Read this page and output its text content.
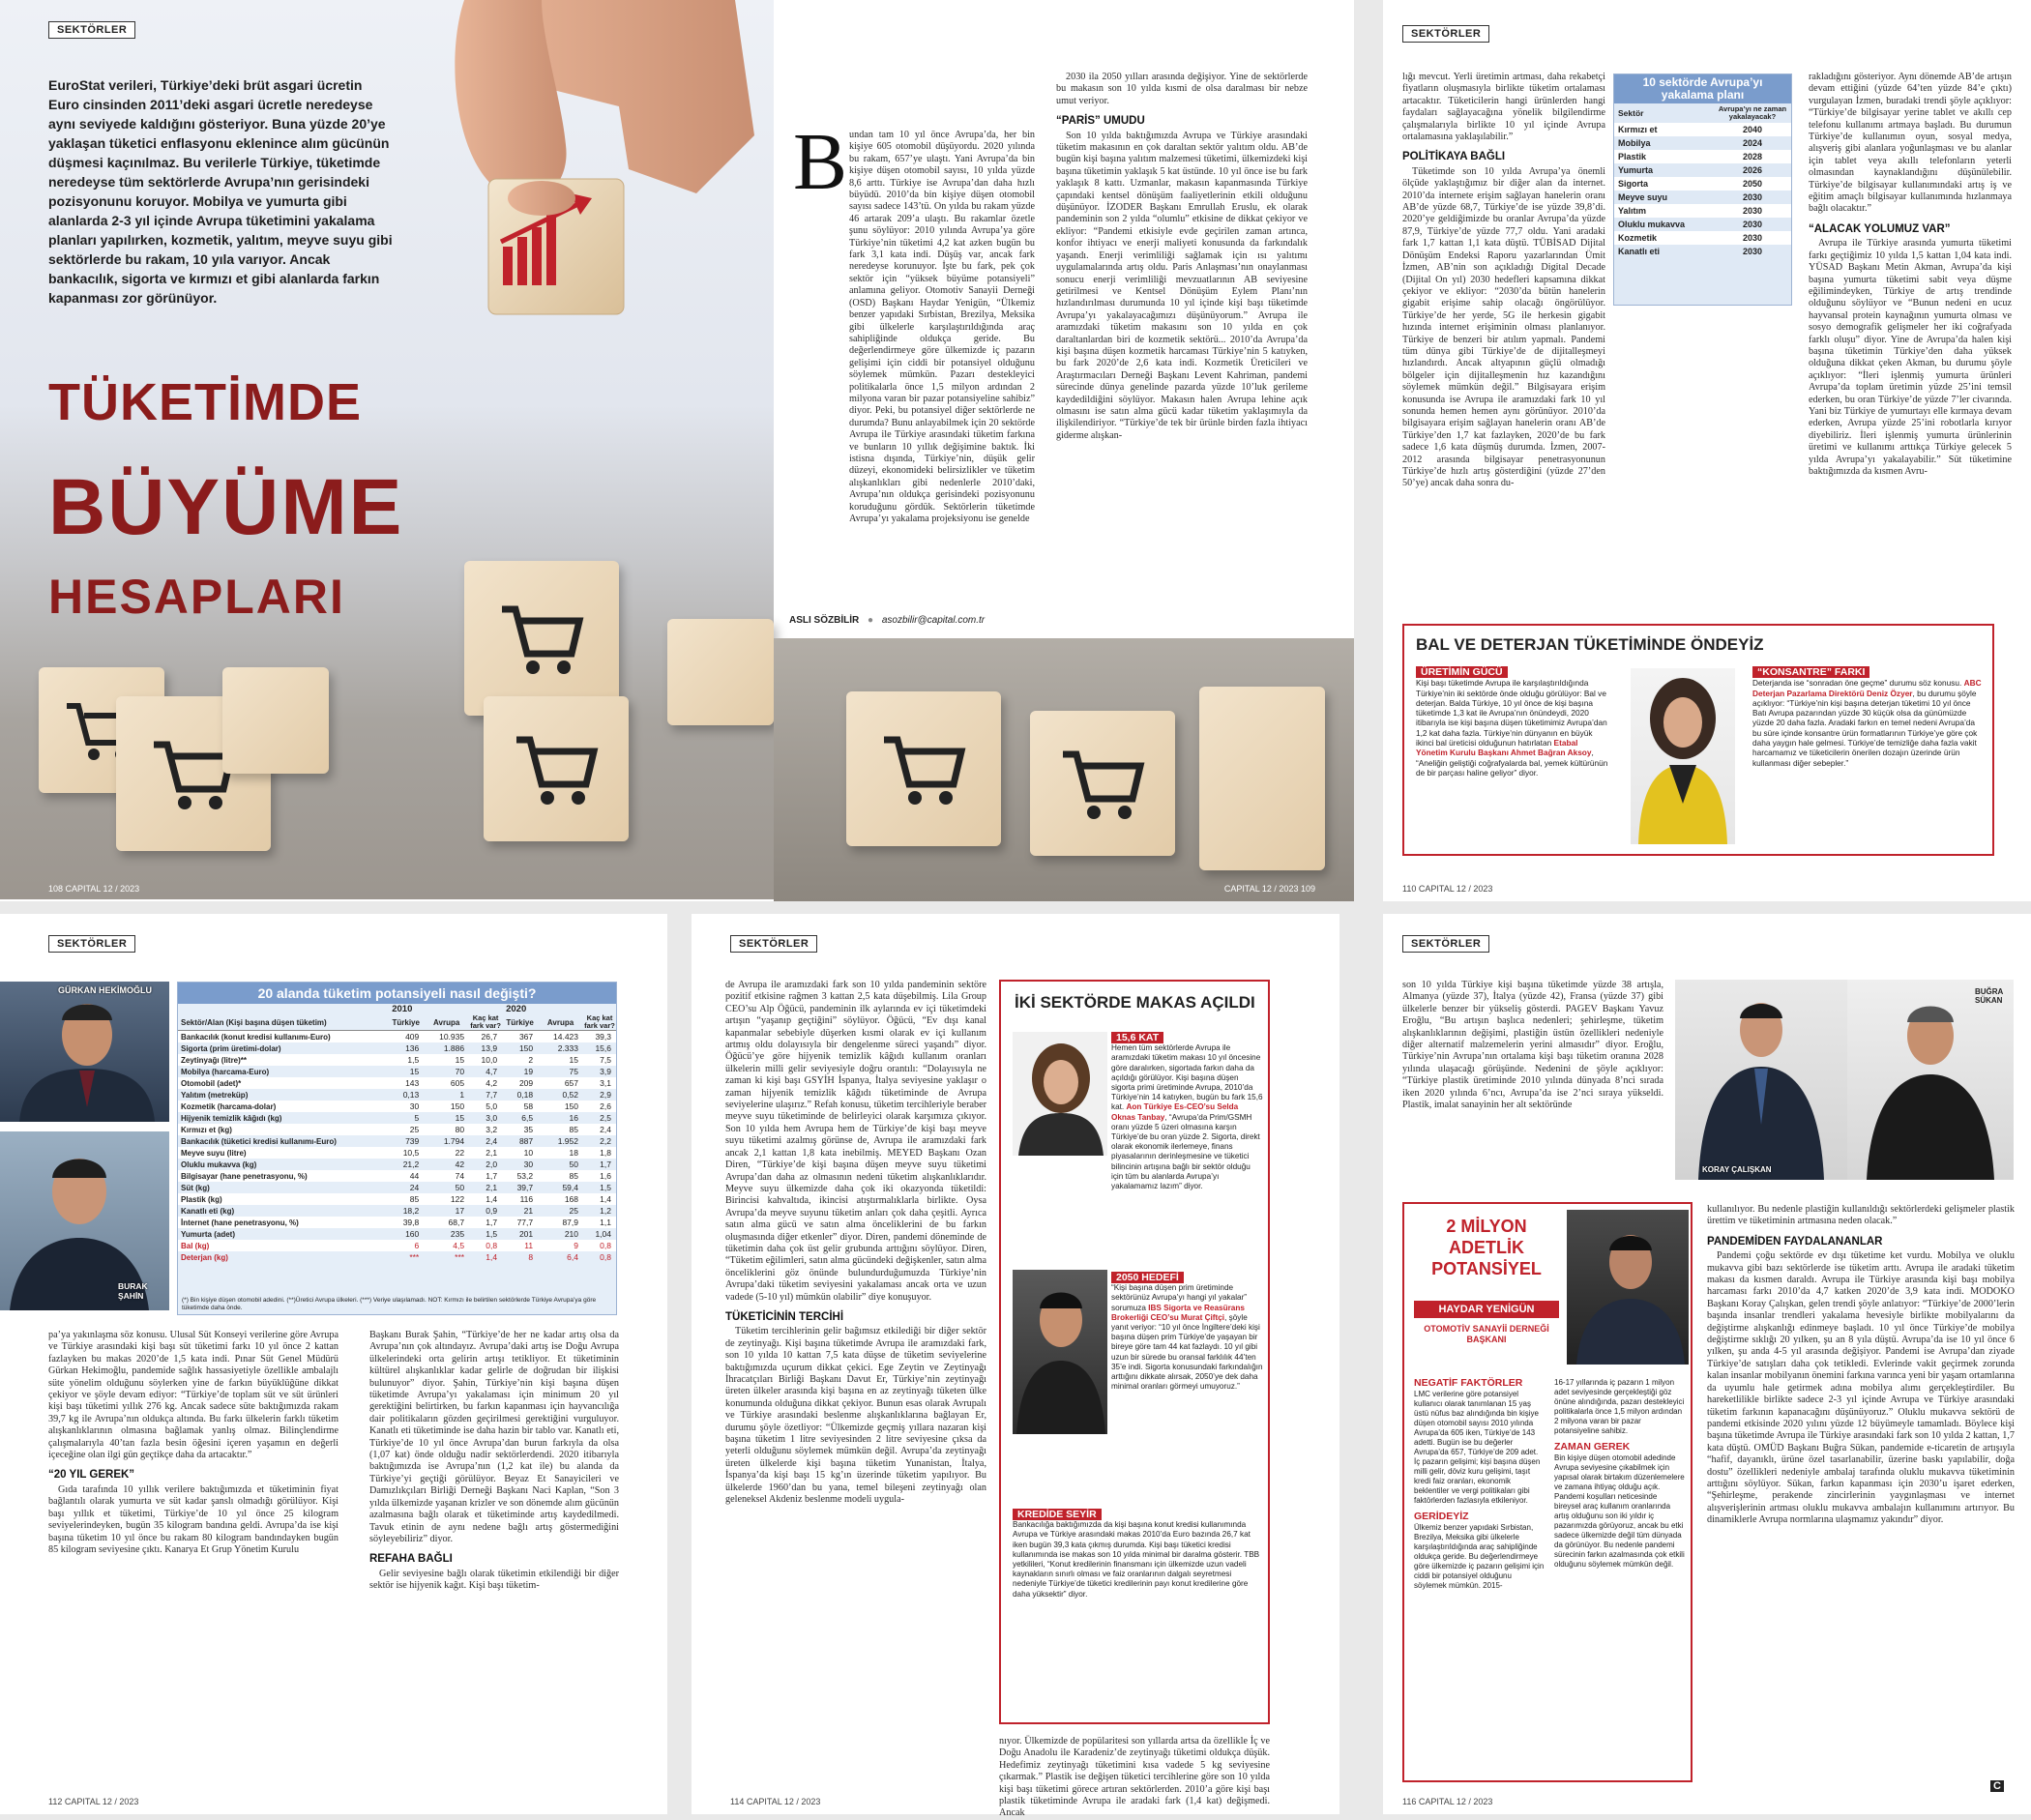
SEKTÖRLER
EuroStat verileri, Türkiye’deki brüt asgari ücretin Euro cinsinden 2011’deki asgari ücretle neredeyse aynı seviyede kaldığını gösteriyor. Buna yüzde 20’ye yaklaşan tüketici enflasyonu eklenince alım gücünün düşmesi kaçınılmaz. Bu verilerle Türkiye, tüketimde neredeyse tüm sektörlerde Avrupa’nın gerisindeki pozisyonunu koruyor. Mobilya ve yumurta gibi alanlarda 2-3 yıl içinde Avrupa tüketimini yakalama planları yapılırken, kozmetik, yalıtım, meyve suyu gibi sektörlerde bu rakam, 10 yıla varıyor. Ancak bankacılık, sigorta ve kırmızı et gibi alanlarda farkın kapanması zor görünüyor.
TÜKETİMDE
BÜYÜME
HESAPLARI
B undan tam 10 yıl önce Avrupa’da, her bin kişiye 605 otomobil düşüyordu. 2020 yılında bu rakam, 657’ye ulaştı. Yani Avrupa’da bin kişiye düşen otomobil sayısı, 10 yılda yüzde 8,6 arttı. Türkiye ise Avrupa’dan daha hızlı büyüdü. 2010’da bin kişiye düşen otomobil sayısı sadece 143’tü. On yılda bu rakam yüzde 46 artarak 209’a ulaştı. Bu rakamlar özetle şunu söylüyor: 2010 yılında Avrupa’ya göre Türkiye’nin tüketimi 4,2 kat azken bugün bu fark 3,1 kata indi. Düşüş var, ancak fark neredeyse korunuyor. İşte bu fark, pek çok sektör için “yüksek büyüme potansiyeli” anlamına geliyor. Otomotiv Sanayii Derneği (OSD) Başkanı Haydar Yenigün, “Ülkemiz benzer yapıdaki Sırbistan, Brezilya, Meksika gibi ülkelerle karşılaştırıldığında araç sahipliğinde oldukça geride. Bu değerlendirmeye göre ülkemizde iç pazarın gelişimi için ciddi bir potansiyel olduğunu söylemek mümkün. Pazarı destekleyici politikalarla önce 1,5 milyon ardından 2 milyona varan bir pazar potansiyeline sahibiz” diyor. Peki, bu potansiyel diğer sektörlerde ne durumda? Bunu anlayabilmek için 20 sektörde Avrupa ile Türkiye arasındaki tüketim farkına ve bunların 10 yıllık değişimine baktık. İki istisna dışında, Türkiye’nin, düşük gelir düzeyi, ekonomideki belirsizlikler ve tüketim alışkanlıkları gibi nedenlerle 2010’daki, Avrupa’nın oldukça gerisindeki pozisyonunu koruduğunu gördük. Sektörlerin tüketimde Avrupa’yı yakalama projeksiyonu ise genelde

2030 ila 2050 yılları arasında değişiyor. Yine de sektörlerde bu makasın son 10 yılda kısmi de olsa daralması bir nebze umut veriyor.

“PARİS” UMUDU

Son 10 yılda baktığımızda Avrupa ve Türkiye arasındaki tüketim makasının en çok daraltan sektör yalıtım oldu. AB’de bugün kişi başına yalıtım malzemesi tüketimi, ülkemizdeki kişi başına tüketimin yaklaşık 5 kat üstünde. 10 yıl önce ise bu fark yaklaşık 8 kattı. Uzmanlar, makasın kapanmasında Türkiye çapındaki kentsel dönüşüm faaliyetlerinin etkili olduğunu düşünüyor. İZODER Başkanı Emrullah Eruslu, ek olarak pandeminin son 2 yılda “olumlu” etkisine de dikkat çekiyor ve ekliyor: “Pandemi etkisiyle evde geçirilen zaman artınca, konfor ihtiyacı ve enerji maliyeti konusunda da farkındalık yaşandı. Enerji verimliliği sağlamak için ısı yalıtımı uygulamalarında artış oldu. Paris Anlaşması’nın onaylanması sonucu enerji verimliliği mevzuatlarının AB seviyesine getirilmesi ve Kentsel Dönüşüm Eylem Planı’nın hızlandırılması durumunda 10 yıl içinde kişi başı tüketimde Avrupa’yı yakalayacağımızı düşünüyorum.” Avrupa ile aramızdaki tüketim makasını son 10 yılda en çok daraltanlardan biri de kozmetik sektörü... 2010’da Avrupa’da kişi başına düşen kozmetik harcaması Türkiye’nin 5 katıyken, bu fark 2020’de 2,6 kata indi. Kozmetik Üreticileri ve Araştırmacıları Derneği Başkanı Levent Kahriman, pandemi sürecinde dünya genelinde pazarda yüzde 10’luk gerileme kaydedildiğini söylüyor. Makasın halen Avrupa lehine açık olmasını ise satın alma gücü kadar tüketim yaklaşımıyla da ilişkilendiriyor. “Türkiye’de tek bir ürünle birden fazla ihtiyacı giderme alışkan-

ASLI SÖZBİLİR ● asozbilir@capital.com.tr
108 CAPITAL 12 / 2023	CAPITAL 12 / 2023 109
SEKTÖRLER

lığı mevcut. Yerli üretimin artması, daha rekabetçi fiyatların oluşmasıyla birlikte tüketim ortalaması artacaktır. Tüketicilerin hangi ürünlerden hangi faydaları sağlayacağına yönelik bilgilendirme çalışmalarıyla birlikte 10 yıl içinde Avrupa ortalamasına yaklaşılabilir.”

POLİTİKAYA BAĞLI

Tüketimde son 10 yılda Avrupa’ya önemli ölçüde yaklaştığımız bir diğer alan da internet. 2010’da internete erişim sağlayan hanelerin oranı AB’de yüzde 68,7, Türkiye’de ise yüzde 39,8’di. 2020’ye geldiğimizde bu oranlar Avrupa’da yüzde 87,9, Türkiye’de yüzde 77,7 oldu. Yani aradaki fark 1,7 kattan 1,1 kata düştü. TÜBİSAD Dijital Dönüşüm Endeksi Raporu yazarlarından Ümit İzmen, AB’nin son açıkladığı Digital Decade (Dijital On yıl) 2030 hedefleri kapsamına dikkat çekiyor ve ekliyor: “2030’da bütün hanelerin gigabit erişime sahip olacağı öngörülüyor. Türkiye’de her yerde, 5G ile herkesin gigabit hızında internet erişiminin olması planlanıyor. Türkiye de benzeri bir atılım yapmalı. Pandemi tüm dünya gibi Türkiye’de de dijitalleşmeyi hızlandırdı. Ancak altyapının güçlü olmadığı bölgeler için dijitalleşmenin hız kazandığını söylemek mümkün değil.” Bilgisayara erişim konusunda ise Avrupa ile aramızdaki fark 10 yıl sonunda hemen hemen aynı görünüyor. 2010’da bilgisayara erişim sağlayan hanelerin oranı AB’de Türkiye’den 1,7 kat fazlayken, 2020’de bu fark sadece 1,6 kata düşmüş durumda. İzmen, 2007-2012 arasında bilgisayar penetrasyonunun Türkiye’de hızlı artış gösterdiğini (yüzde 27’den 50’ye) ancak daha sonra du-

10 sektörde Avrupa’yı yakalama planı
Sektör	Avrupa’yı ne zaman yakalayacak?
Kırmızı et	2040
Mobilya	2024
Plastik	2028
Yumurta	2026
Sigorta	2050
Meyve suyu	2030
Yalıtım	2030
Oluklu mukavva	2030
Kozmetik	2030
Kanatlı eti	2030

rakladığını gösteriyor. Aynı dönemde AB’de artışın devam ettiğini (yüzde 64’ten yüzde 84’e çıktı) vurgulayan İzmen, buradaki trendi şöyle açıklıyor: “Türkiye’de bilgisayar yerine tablet ve akıllı cep telefonu kullanımı artmaya başladı. Bu durumun Türkiye’de kullanımın oyun, sosyal medya, alışveriş gibi alanlara yoğunlaşması ve bu alanlar için tablet veya akıllı telefonların yeterli olmasından kaynaklandığını düşünülebilir. Türkiye’de bilgisayar kullanımındaki artış iş ve eğitim amaçlı bilgisayar kullanımında hızlanmaya bağlı olacaktır.”

“ALACAK YOLUMUZ VAR”

Avrupa ile Türkiye arasında yumurta tüketimi farkı geçtiğimiz 10 yılda 1,5 kattan 1,04 kata indi. YÜSAD Başkanı Metin Akman, Avrupa’da kişi başına yumurta tüketimi sabit veya düşme eğilimindeyken, Türkiye de artış trendinde olduğunu söylüyor ve “Bunun nedeni en ucuz hayvansal protein kaynağının yumurta olması ve sosyo demografik gelişmeler her iki coğrafyada farklı oluşu” diyor. Yine de Avrupa’da halen kişi başına tüketimin Türkiye’den daha yüksek olduğuna dikkat çeken Akman, bu durumu şöyle açıklıyor: “İleri işlenmiş yumurta ürünleri Avrupa’da toplam üretimin yüzde 25’ini temsil ederken, bu oran Türkiye’de yüzde 7’ler civarında. Yani biz Türkiye de yumurtayı elle kırmaya devam ederken, Avrupa yüzde 25’ini robotlarla kırıyor diyebiliriz. İleri işlenmiş yumurta ürünlerinin üretimi ve kullanımı arttıkça Türkiye gelecek 5 yılda Avrupa’yı yakalayabilir.” Süt tüketimine baktığımızda da kısmen Avru-

BAL VE DETERJAN TÜKETİMİNDE ÖNDEYİZ
ÜRETİMİN GÜCÜ
Kişi başı tüketimde Avrupa ile karşılaştırıldığında Türkiye’nin iki sektörde önde olduğu görülüyor: Bal ve deterjan. Balda Türkiye, 10 yıl önce de kişi başına tüketimde 1,3 kat ile Avrupa’nın önündeydi, 2020 itibarıyla ise kişi başına düşen tüketimimiz Avrupa’dan 1,2 kat daha fazla. Türkiye’nin dünyanın en büyük ikinci bal üreticisi olduğunun hatırlatan Etabal Yönetim Kurulu Başkanı Ahmet Bağran Aksoy, “Aneliğin geliştiği coğrafyalarda bal, yemek kültürünün de bir parçası haline geliyor” diyor.
“KONSANTRE” FARKI
Deterjanda ise “sonradan öne geçme” durumu söz konusu. ABC Deterjan Pazarlama Direktörü Deniz Özyer, bu durumu şöyle açıklıyor: “Türkiye’nin kişi başına deterjan tüketimi 10 yıl önce Batı Avrupa pazarından yüzde 30 küçük olsa da günümüzde yüzde 20 daha fazla. Aradaki farkın en temel nedeni Avrupa’da bu süre içinde konsantre ürün formatlarının Türkiye’ye göre çok daha yaygın hale gelmesi. Türkiye’de temizliğe daha fazla vakit harcamamız ve tüketicilerin önerilen dozajın üzerinde ürün kullanması diğer sebepler.”
110 CAPITAL 12 / 2023
SEKTÖRLER
GÜRKAN HEKİMOĞLU
BURAK ŞAHİN
20 alanda tüketim potansiyeli nasıl değişti?
	2010			2020		
Sektör/Alan (Kişi başına düşen tüketim)	Türkiye	Avrupa	Kaç kat fark var?	Türkiye	Avrupa	Kaç kat fark var?
Bankacılık (konut kredisi kullanımı-Euro)	409	10.935	26,7	367	14.423	39,3
Sigorta (prim üretimi-dolar)	136	1.886	13,9	150	2.333	15,6
Zeytinyağı (litre)**	1,5	15	10,0	2	15	7,5
Mobilya (harcama-Euro)	15	70	4,7	19	75	3,9
Otomobil (adet)*	143	605	4,2	209	657	3,1
Yalıtım (metreküp)	0,13	1	7,7	0,18	0,52	2,9
Kozmetik (harcama-dolar)	30	150	5,0	58	150	2,6
Hijyenik temizlik kâğıdı (kg)	5	15	3,0	6,5	16	2,5
Kırmızı et (kg)	25	80	3,2	35	85	2,4
Bankacılık (tüketici kredisi kullanımı-Euro)	739	1.794	2,4	887	1.952	2,2
Meyve suyu (litre)	10,5	22	2,1	10	18	1,8
Oluklu mukavva (kg)	21,2	42	2,0	30	50	1,7
Bilgisayar (hane penetrasyonu, %)	44	74	1,7	53,2	85	1,6
Süt (kg)	24	50	2,1	39,7	59,4	1,5
Plastik (kg)	85	122	1,4	116	168	1,4
Kanatlı eti (kg)	18,2	17	0,9	21	25	1,2
İnternet (hane penetrasyonu, %)	39,8	68,7	1,7	77,7	87,9	1,1
Yumurta (adet)	160	235	1,5	201	210	1,04
Bal (kg)	6	4,5	0,8	11	9	0,8
Deterjan (kg)	***	***	1,4	8	6,4	0,8
(*) Bin kişiye düşen otomobil adedini. (**)Üretici Avrupa ülkeleri. (***) Veriye ulaşılamadı. NOT: Kırmızı ile belirtilen sektörlerde Türkiye Avrupa’ya göre tüketimde daha önde.

pa’ya yakınlaşma söz konusu. Ulusal Süt Konseyi verilerine göre Avrupa ve Türkiye arasındaki kişi başı süt tüketimi farkı 10 yıl önce 2 kattan fazlayken bu makas 2020’de 1,5 kata indi. Pınar Süt Genel Müdürü Gürkan Hekimoğlu, pandemide sağlık hassasiyetiyle özellikle ambalajlı süte yönelim olduğunu söylerken yine de farkın büyüklüğüne dikkat çekiyor ve şöyle devam ediyor: “Türkiye’de toplam süt ve süt ürünleri kişi başı tüketimi yıllık 276 kg. Ancak sadece süte baktığımızda rakam 39,7 kg ile Avrupa’nın oldukça altında. Bu farkı ülkelerin farklı tüketim alışkanlıklarının olmasına bağlamak yanlış olmaz. Bilinçlendirme çalışmalarıyla 40’tan fazla besin öğesini içeren yaşamın en değerli içeceğine olan ilgi gün geçtikçe daha da artacaktır.”

“20 YIL GEREK”

Gıda tarafında 10 yıllık verilere baktığımızda et tüketiminin fiyat bağlantılı olarak yumurta ve süt kadar şanslı olmadığı görülüyor. Kişi başı yıllık et tüketimi, Türkiye’de 10 yıl önce 25 kilogram seviyelerindeyken, bugün 35 kilogram bandına geldi. Avrupa’da ise kişi başına tüketim 10 yıl önce bu rakam 80 kilogram bandındayken bugün 85 kilogram seviyesine çıktı. Kanarya Et Grup Yönetim Kurulu

Başkanı Burak Şahin, “Türkiye’de her ne kadar artış olsa da Avrupa’nın çok altındayız. Avrupa’daki artış ise Doğu Avrupa ülkelerindeki orta gelirin artışı tetikliyor. Et tüketiminin kültürel alışkanlıklar kadar gelirle de doğrudan bir ilişkisi bulunuyor” diyor. Şahin, Türkiye’nin kişi başına düşen tüketimde Avrupa’yı yakalaması için minimum 20 yıl gerektiğini belirtirken, bu farkın kapanması için hayvancılığa dair politikaların gözden geçirilmesi gerektiğini vurguluyor. Kanatlı eti tüketiminde ise daha hazin bir tablo var. Kanatlı eti, Türkiye’de 10 yıl önce Avrupa’dan burun farkıyla da olsa (1,07 kat) önde olduğu nadir sektörlerdendi. 2020 itibarıyla baktığımızda ise Avrupa’nın (1,2 kat ile) bu alanda da Türkiye’yi geçtiği görülüyor. Beyaz Et Sanayicileri ve Damızlıkçıları Birliği Derneği Başkanı Naci Kaplan, “Son 3 yılda ülkemizde yaşanan krizler ve son dönemde alım gücünün azalmasına bağlı olarak et tüketiminde artış kaydedilmedi. Tavuk etinin de aynı nedene bağlı artış göstermediğini söyleyebiliriz” diyor.

REFAHA BAĞLI

Gelir seviyesine bağlı olarak tüketimin etkilendiği bir diğer sektör ise hijyenik kağıt. Kişi başı tüketim-

112 CAPITAL 12 / 2023
SEKTÖRLER

de Avrupa ile aramızdaki fark son 10 yılda pandeminin sektöre pozitif etkisine rağmen 3 kattan 2,5 kata düşebilmiş. Lila Group CEO’su Alp Öğücü, pandeminin ilk aylarında ev içi tüketimdeki artışın “yaşanıp geçtiğini” söylüyor. Öğücü, “Ev dışı kanal kapanmalar sebebiyle düşerken kısmi olarak ev içi kullanım artmış oldu dolayısıyla bir dengelenme süreci yaşandı” diyor. Öğücü’ye göre hijyenik temizlik kâğıdı kullanım oranları ülkelerin milli gelir seviyesiyle doğru orantılı: “Dolayısıyla ne zaman ki kişi başı GSYİH İspanya, İtalya seviyesine yaklaşır o zaman hijyenik temizlik kâğıdı tüketiminde de Avrupa seviyelerine ulaşırız.” Refah konusu, tüketim tercihleriyle beraber meyve suyu tüketiminde de belirleyici olarak karşımıza çıkıyor. Son 10 yılda hem Avrupa hem de Türkiye’de kişi başı meyve suyu tüketimi azalmış görünse de, Avrupa ile aramızdaki fark ancak 2,1 kattan 1,8 kata inebilmiş. MEYED Başkanı Ozan Diren, “Türkiye’de kişi başına düşen meyve suyu tüketimi Avrupa’dan daha az olmasının nedeni tüketim alışkanlıklarıdır. Meyve suyu ülkemizde daha çok iki okazyonda tüketildi: Birincisi kahvaltıda, ikincisi atıştırmalıklarla birlikte. Oysa Avrupa’da meyve suyunu tüketim anları çok daha çeşitli. Ayrıca satın alma gücü ve satın alma önceliklerini de bu farkın oluşmasında diğer etkenler” diyor. Diren, pandemi döneminde de tüketimin daha çok üst gelir grubunda arttığını söylüyor. Diren, “Tüketim eğilimleri, satın alma gücündeki değişkenler, satın alma önceliklerini göz önünde bulundurduğumuzda Türkiye’nin Avrupa’daki tüketim seviyesini yakalaması ancak orta ve uzun vadede (5-10 yıl) mümkün olabilir” diye konuşuyor.

TÜKETİCİNİN TERCİHİ

Tüketim tercihlerinin gelir bağımsız etkilediği bir diğer sektör de zeytinyağı. Kişi başına tüketimde Avrupa ile aramızdaki fark, son 10 yılda 10 kattan 7,5 kata düşse de tüketim seviyelerine baktığımızda uçurum dikkat çekici. Ege Zeytin ve Zeytinyağı İhracatçıları Birliği Başkanı Davut Er, Türkiye’nin zeytinyağı üreten ülkeler arasında kişi başına en az zeytinyağı tüketen ülke konumunda olduğuna dikkat çekiyor. Bunun esas olarak Avrupalı ve Türkiye arasındaki beslenme alışkanlıklarına bağlayan Er, durumu şöyle özetliyor: “Ülkemizde geçmiş yıllara nazaran kişi başına tüketim 1 litre seviyesinden 2 litre seviyesine çıksa da yeterli olduğunu söylemek mümkün değil. Avrupa’da zeytinyağı üreten ülkelerde kişi başına tüketim Yunanistan, İtalya, İspanya’da kişi başı 15 kg’ın üzerinde tüketim yapılıyor. Bu ülkelerde 1960’dan bu yana, temel bileşeni zeytinyağı olan geleneksel Akdeniz beslenme modeli uygula-

İKİ SEKTÖRDE MAKAS AÇILDI
15,6 KAT
Hemen tüm sektörlerde Avrupa ile aramızdaki tüketim makası 10 yıl öncesine göre daralırken, sigortada farkın daha da açıldığı görülüyor. Kişi başına düşen sigorta primi üretiminde Avrupa, 2010’da Türkiye’nin 14 katıyken, bugün bu fark 15,6 kat. Aon Türkiye Es-CEO’su Selda Oknas Tanbay, “Avrupa’da Prim/GSMH oranı yüzde 5 üzeri olmasına karşın Türkiye’de bu oran yüzde 2. Sigorta, direkt olarak ekonomik ilerlemeye, finans piyasalarının derinleşmesine ve tüketici bilincinin artışına bağlı bir sektör olduğu için tüm bu alanlarda Avrupa’yı yakalamamız lazım” diyor.
2050 HEDEFİ
“Kişi başına düşen prim üretiminde sektörünüz Avrupa’yı hangi yıl yakalar” sorumuza IBS Sigorta ve Reasürans Brokerliği CEO’su Murat Çiftçi, şöyle yanıt veriyor: “10 yıl önce İngiltere’deki kişi başına düşen prim Türkiye’de yaşayan bir bireye göre tam 44 kat fazlaydı. 10 yıl gibi uzun bir sürede bu oransal farklılık 44’ten 35’e indi. Sigorta konusundaki farkındalığın arttığını dikkate alırsak, 2050’ye dek daha minimal oranları görmeyi umuyoruz.”
KREDİDE SEYİR
Bankacılığa baktığımızda da kişi başına konut kredisi kullanımında Avrupa ve Türkiye arasındaki makas 2010’da Euro bazında 26,7 kat iken bugün 39,3 kata çıkmış durumda. Kişi başı tüketici kredisi kullanımında ise makas son 10 yılda minimal bir daralma gösterir. TBB yetkilileri, “Konut kredilerinin finansmanı için ülkemizde uzun vadeli kaynakların sınırlı olması ve faiz oranlarının dalgalı seyretmesi nedeniyle Türkiye’de tüketici kredilerinin payı konut kredilerine göre daha yüksektir” diyor.

nıyor. Ülkemizde de popülaritesi son yıllarda artsa da özellikle İç ve Doğu Anadolu ile Karadeniz’de zeytinyağı tüketimi oldukça düşük. Hedefimiz zeytinyağı tüketimini kısa vadede 5 kg seviyesine çıkarmak.” Plastik ise değişen tüketici tercihlerine göre son 10 yılda kişi başı tüketimi görece artıran sektörlerden. 2010’a göre kişi başı plastik tüketiminde Avrupa ile aradaki fark (1,4 kat) değişmedi. Ancak

114 CAPITAL 12 / 2023
SEKTÖRLER

son 10 yılda Türkiye kişi başına tüketimde yüzde 38 artışla, Almanya (yüzde 37), İtalya (yüzde 42), Fransa (yüzde 37) gibi ülkelerle benzer bir yükseliş gösterdi. PAGEV Başkanı Yavuz Eroğlu, “Bu artışın başlıca nedenleri; şehirleşme, tüketim alışkanlıklarının değişimi, plastiğin üstün özellikleri nedeniyle diğer alternatif malzemelerin yerini almasıdır” diyor. Eroğlu, Türkiye’nin Avrupa’nın ortalama kişi başı tüketim oranına 2028 yılında ulaşacağı görüşünde. Nedenini de şöyle açıklıyor: “Türkiye plastik üretiminde 2010 yılında dünyada 8’nci sırada iken 2020 yılında 6’ncı, Avrupa’da ise 2’nci sıraya yükseldi. Plastik, imalat sanayinin her alt sektöründe

KORAY ÇALIŞKAN
BUĞRA SÜKAN
2 MİLYON ADETLİK POTANSİYEL
HAYDAR YENİGÜN
OTOMOTİV SANAYİİ DERNEĞİ BAŞKANI
NEGATİF FAKTÖRLER
LMC verilerine göre potansiyel kullanıcı olarak tanımlanan 15 yaş üstü nüfus baz alındığında bin kişiye düşen otomobil sayısı 2010 yılında Avrupa’da 605 iken, Türkiye’de 143 adetti. Bugün ise bu değerler Avrupa’da 657, Türkiye’de 209 adet. İç pazarın gelişimi; kişi başına düşen milli gelir, döviz kuru gelişimi, taşıt kredi faiz oranları, ekonomik beklentiler ve vergi politikaları gibi faktörlerden fazlasıyla etkileniyor.
GERİDEYİZ
Ülkemiz benzer yapıdaki Sırbistan, Brezilya, Meksika gibi ülkelerle karşılaştırıldığında araç sahipliğinde oldukça geride. Bu değerlendirmeye göre ülkemizde iç pazarın gelişimi için ciddi bir potansiyel olduğunu söylemek mümkün. 2015-
16-17 yıllarında iç pazarın 1 milyon adet seviyesinde gerçekleştiği göz önüne alındığında, pazarı destekleyici politikalarla önce 1,5 milyon ardından 2 milyona varan bir pazar potansiyeline sahibiz.
ZAMAN GEREK
Bin kişiye düşen otomobil adedinde Avrupa seviyesine çıkabilmek için yapısal olarak birtakım düzenlemelere ve zamana ihtiyaç olduğu açık. Pandemi koşulları neticesinde bireysel araç kullanım oranlarında artış olduğunu son iki yıldır iç pazarımızda görüyoruz, ancak bu etki sadece ülkemizde değil tüm dünyada da görünüyor. Bu nedenle pandemi sürecinin farkın azalmasında çok etkili olduğunu söylemek mümkün değil.

kullanılıyor. Bu nedenle plastiğin kullanıldığı sektörlerdeki gelişmeler plastik ürettim ve tüketiminin artmasına neden olacak.”

PANDEMİDEN FAYDALANANLAR

Pandemi çoğu sektörde ev dışı tüketime ket vurdu. Mobilya ve oluklu mukavva gibi bazı sektörlerde ise tüketim arttı. Avrupa ile aradaki tüketim makası da kısmen daraldı. Avrupa ile Türkiye arasında kişi başı mobilya harcaması farkı 2010’da 4,7 katken 2020’de 3,9 kata indi. MODOKO Başkanı Koray Çalışkan, gelen trendi şöyle anlatıyor: “Türkiye’de 2000’lerin başında insanlar trendleri yakalama hevesiyle birlikte mobilyalarını da değiştirme alışkanlığı edinmeye başladı. 10 yıl önce Türkiye’de mobilya değiştirme sıklığı 20 yılken, şu an 8 yıla düştü. Avrupa’da ise 10 yıl önce 6 yılken, şu anda 4-5 yıl arasında değişiyor. Pandemi ise Avrupa’dan ziyade Türkiye’de satışları daha çok tetikledi. Evlerinde vakit geçirmek zorunda kalan insanlar mobilyanın önemini farkına varınca yeni bir yaşam ortamlarına da uyumlu hale getirmek adına mobilya alımı gerçekleştirdiler. Bu hareketlilikle birlikte sadece 2-3 yıl içinde Avrupa ve Türkiye arasındaki tüketim farkının kapanacağını düşünüyoruz.” Oluklu mukavva sektörü de pandemi etkisinde 2020 yılını yüzde 12 büyümeyle tamamladı. Böylece kişi başına tüketimde Avrupa ile Türkiye arasındaki fark son 10 yılda 2 kattan, 1,7 kata düştü. OMÜD Başkanı Buğra Sükan, pandemide e-ticaretin de artışıyla “hafif, dayanıklı, ürüne özel tasarlanabilir, üzerine baskı yapılabilir, doğa dostu” özellikleri nedeniyle ambalaj tarafında oluklu mukavva tüketiminin arttığını söylüyor. Sükan, farkın kapanması için 2030’u işaret ederken, “Şehirleşme, perakende zincirlerinin yaygınlaşması ve internet alışverişlerinin artması oluklu mukavva ambalajın kullanımını artırıyor. Bu dinamiklerle Avrupa normlarına ulaşmamız yakındır” diyor.

C
116 CAPITAL 12 / 2023
